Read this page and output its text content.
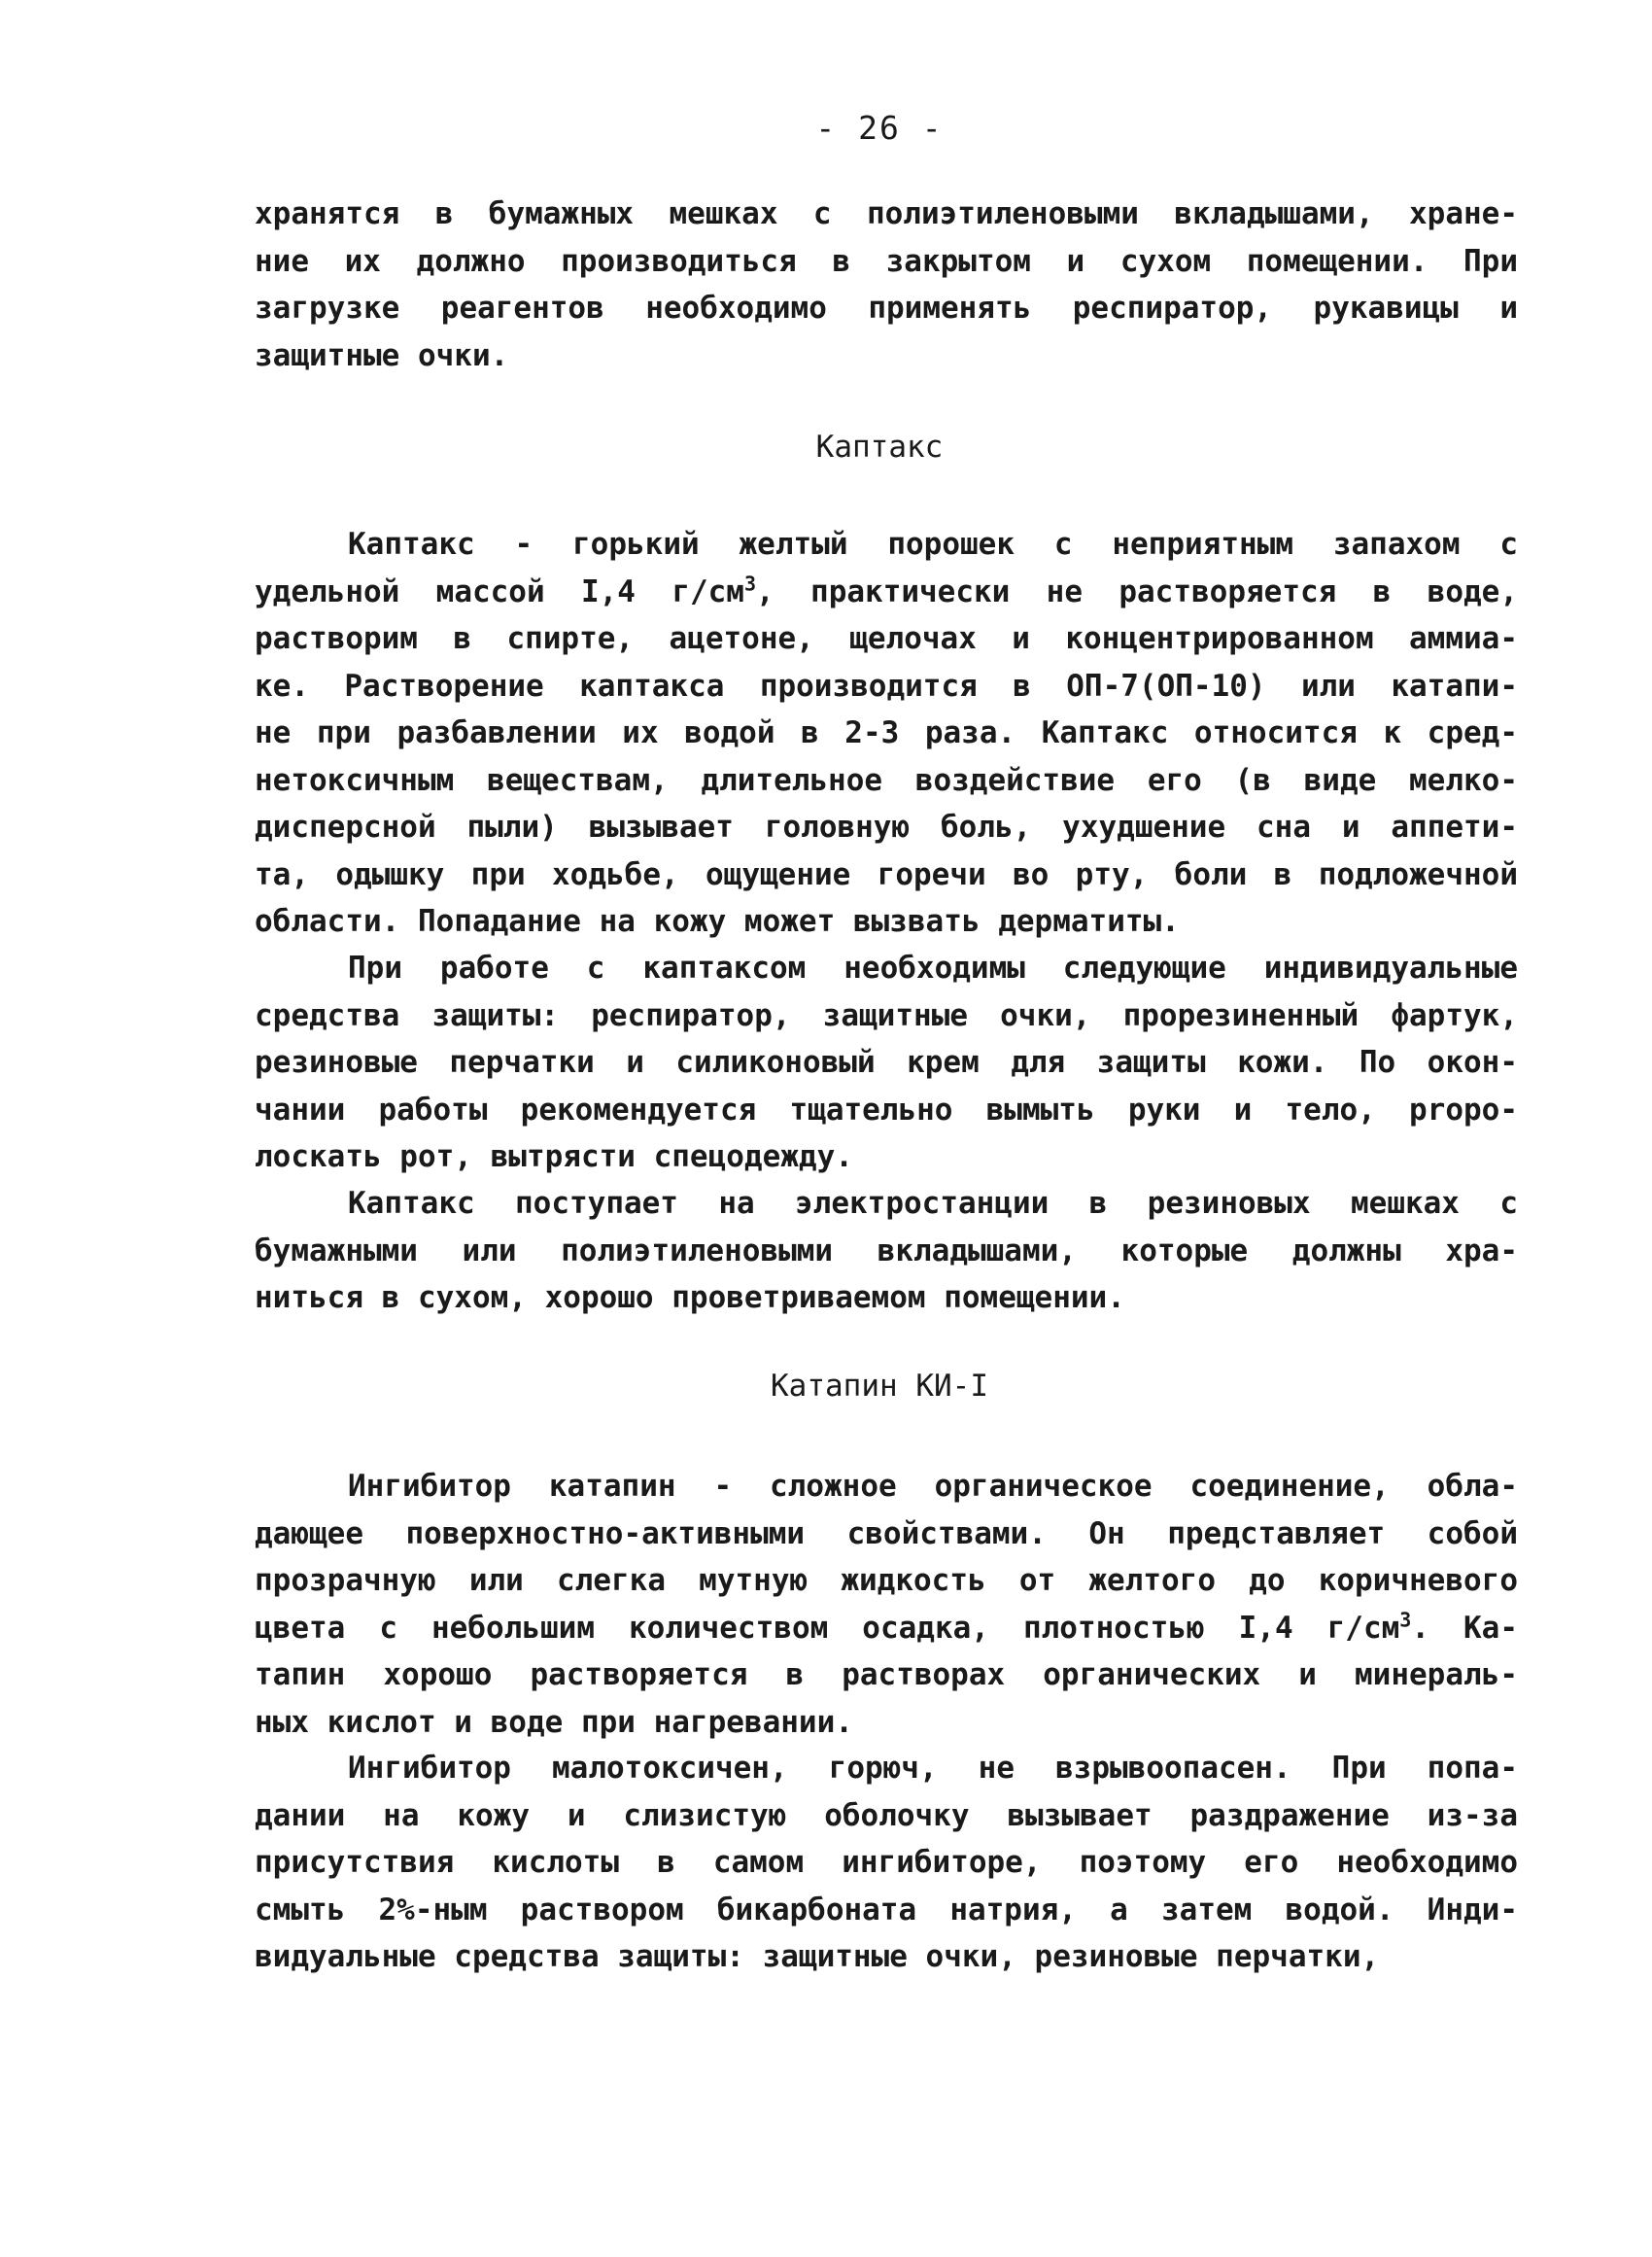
- 26 -
хранятся в бумажных мешках с полиэтиленовыми вкладышами, хране-
ние их должно производиться в закрытом и сухом помещении. При
загрузке реагентов необходимо применять респиратор, рукавицы и
защитные очки.
Каптакс
Каптакс - горький желтый порошек с неприятным запахом с
удельной массой I,4 $г/см^3$, практически не растворяется в воде,
растворим в спирте, ацетоне, щелочах и концентрированном аммиа-
ке. Растворение каптакса производится в ОП-7(ОП-10) или катапи-
не при разбавлении их водой в 2-3 раза. Каптакс относится к сред-
нетоксичным веществам, длительное воздействие его (в виде мелко-
дисперсной пыли) вызывает головную боль, ухудшение сна и аппети-
та, одышку при ходьбе, ощущение горечи во рту, боли в подложечной
области. Попадание на кожу может вызвать дерматиты.
При работе с каптаксом необходимы следующие индивидуальные
средства защиты: респиратор, защитные очки, прорезиненный фартук,
резиновые перчатки и силиконовый крем для защиты кожи. По окон-
чании работы рекомендуется тщательно вымыть руки и тело, propo-
лоскать рот, вытрясти спецодежду.
Каптакс поступает на электростанции в резиновых мешках с
бумажными или полиэтиленовыми вкладышами, которые должны хра-
ниться в сухом, хорошо проветриваемом помещении.
Катапин КИ-I
Ингибитор катапин - сложное органическое соединение, обла-
дающее поверхностно-активными свойствами. Он представляет собой
прозрачную или слегка мутную жидкость от желтого до коричневого
цвета с небольшим количеством осадка, плотностью I,4 $г/см^3$. Ка-
тапин хорошо растворяется в растворах органических и минераль-
ных кислот и воде при нагревании.
Ингибитор малотоксичен, горюч, не взрывоопасен. При попа-
дании на кожу и слизистую оболочку вызывает раздражение из-за
присутствия кислоты в самом ингибиторе, поэтому его необходимо
смыть 2%-ным раствором бикарбоната натрия, а затем водой. Инди-
видуальные средства защиты: защитные очки, резиновые перчатки,
